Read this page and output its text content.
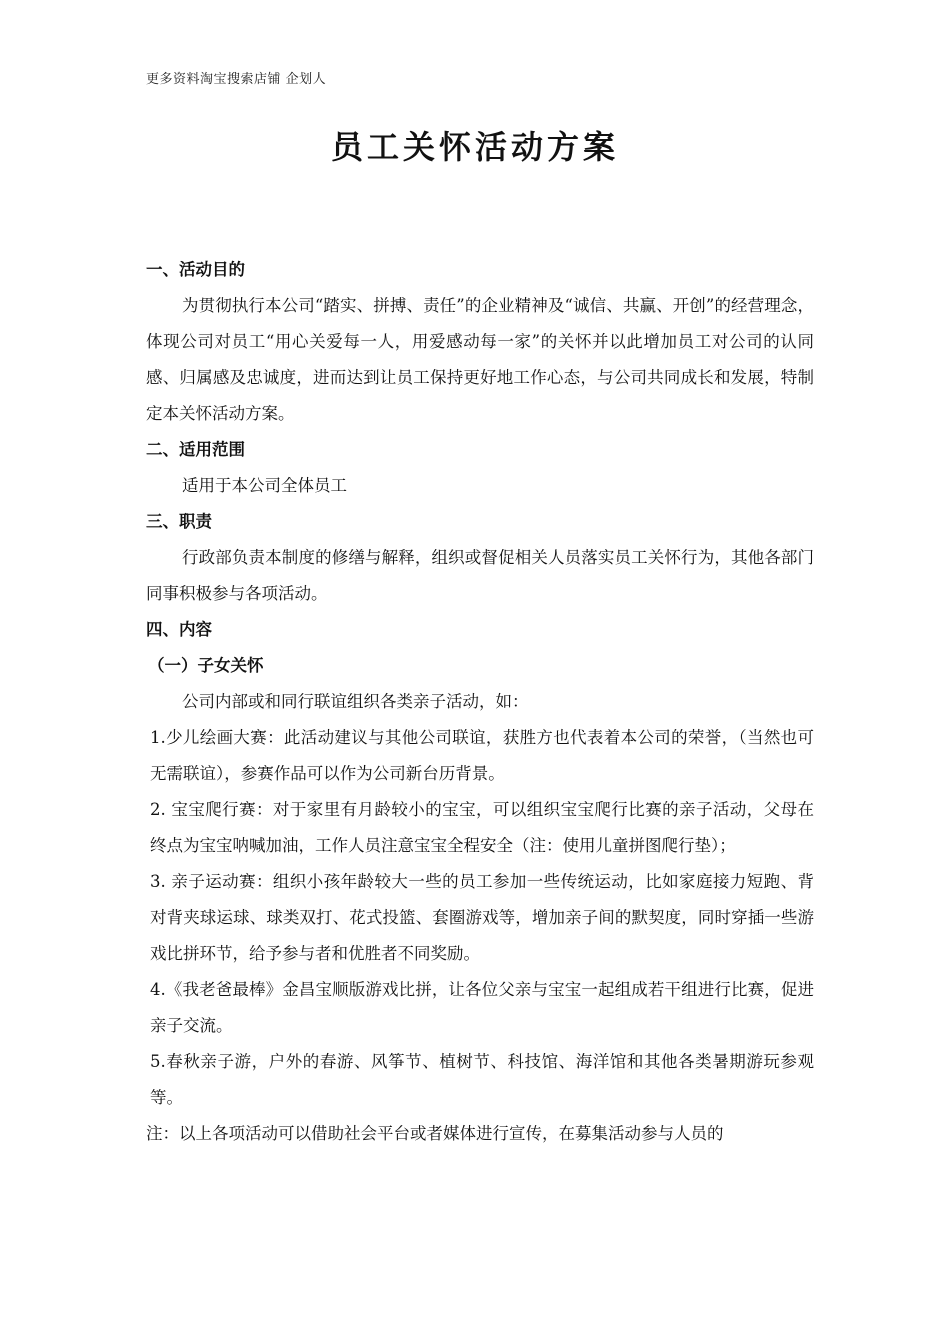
更多资料淘宝搜索店铺 企划人
员工关怀活动方案

一、活动目的

为贯彻执行本公司“踏实、拼搏、责任”的企业精神及“诚信、共赢、开创”的经营理念，体现公司对员工“用心关爱每一人，用爱感动每一家”的关怀并以此增加员工对公司的认同感、归属感及忠诚度，进而达到让员工保持更好地工作心态，与公司共同成长和发展，特制定本关怀活动方案。

二、适用范围

适用于本公司全体员工

三、职责

行政部负责本制度的修缮与解释，组织或督促相关人员落实员工关怀行为，其他各部门同事积极参与各项活动。

四、内容

（一）子女关怀

公司内部或和同行联谊组织各类亲子活动，如：

1.少儿绘画大赛：此活动建议与其他公司联谊，获胜方也代表着本公司的荣誉，（当然也可无需联谊），参赛作品可以作为公司新台历背景。

2. 宝宝爬行赛：对于家里有月龄较小的宝宝，可以组织宝宝爬行比赛的亲子活动，父母在终点为宝宝呐喊加油，工作人员注意宝宝全程安全（注：使用儿童拼图爬行垫）；

3. 亲子运动赛：组织小孩年龄较大一些的员工参加一些传统运动，比如家庭接力短跑、背对背夹球运球、球类双打、花式投篮、套圈游戏等，增加亲子间的默契度，同时穿插一些游戏比拼环节，给予参与者和优胜者不同奖励。

4.《我老爸最棒》金昌宝顺版游戏比拼，让各位父亲与宝宝一起组成若干组进行比赛，促进亲子交流。

5.春秋亲子游，户外的春游、风筝节、植树节、科技馆、海洋馆和其他各类暑期游玩参观等。

注：以上各项活动可以借助社会平台或者媒体进行宣传，在募集活动参与人员的
